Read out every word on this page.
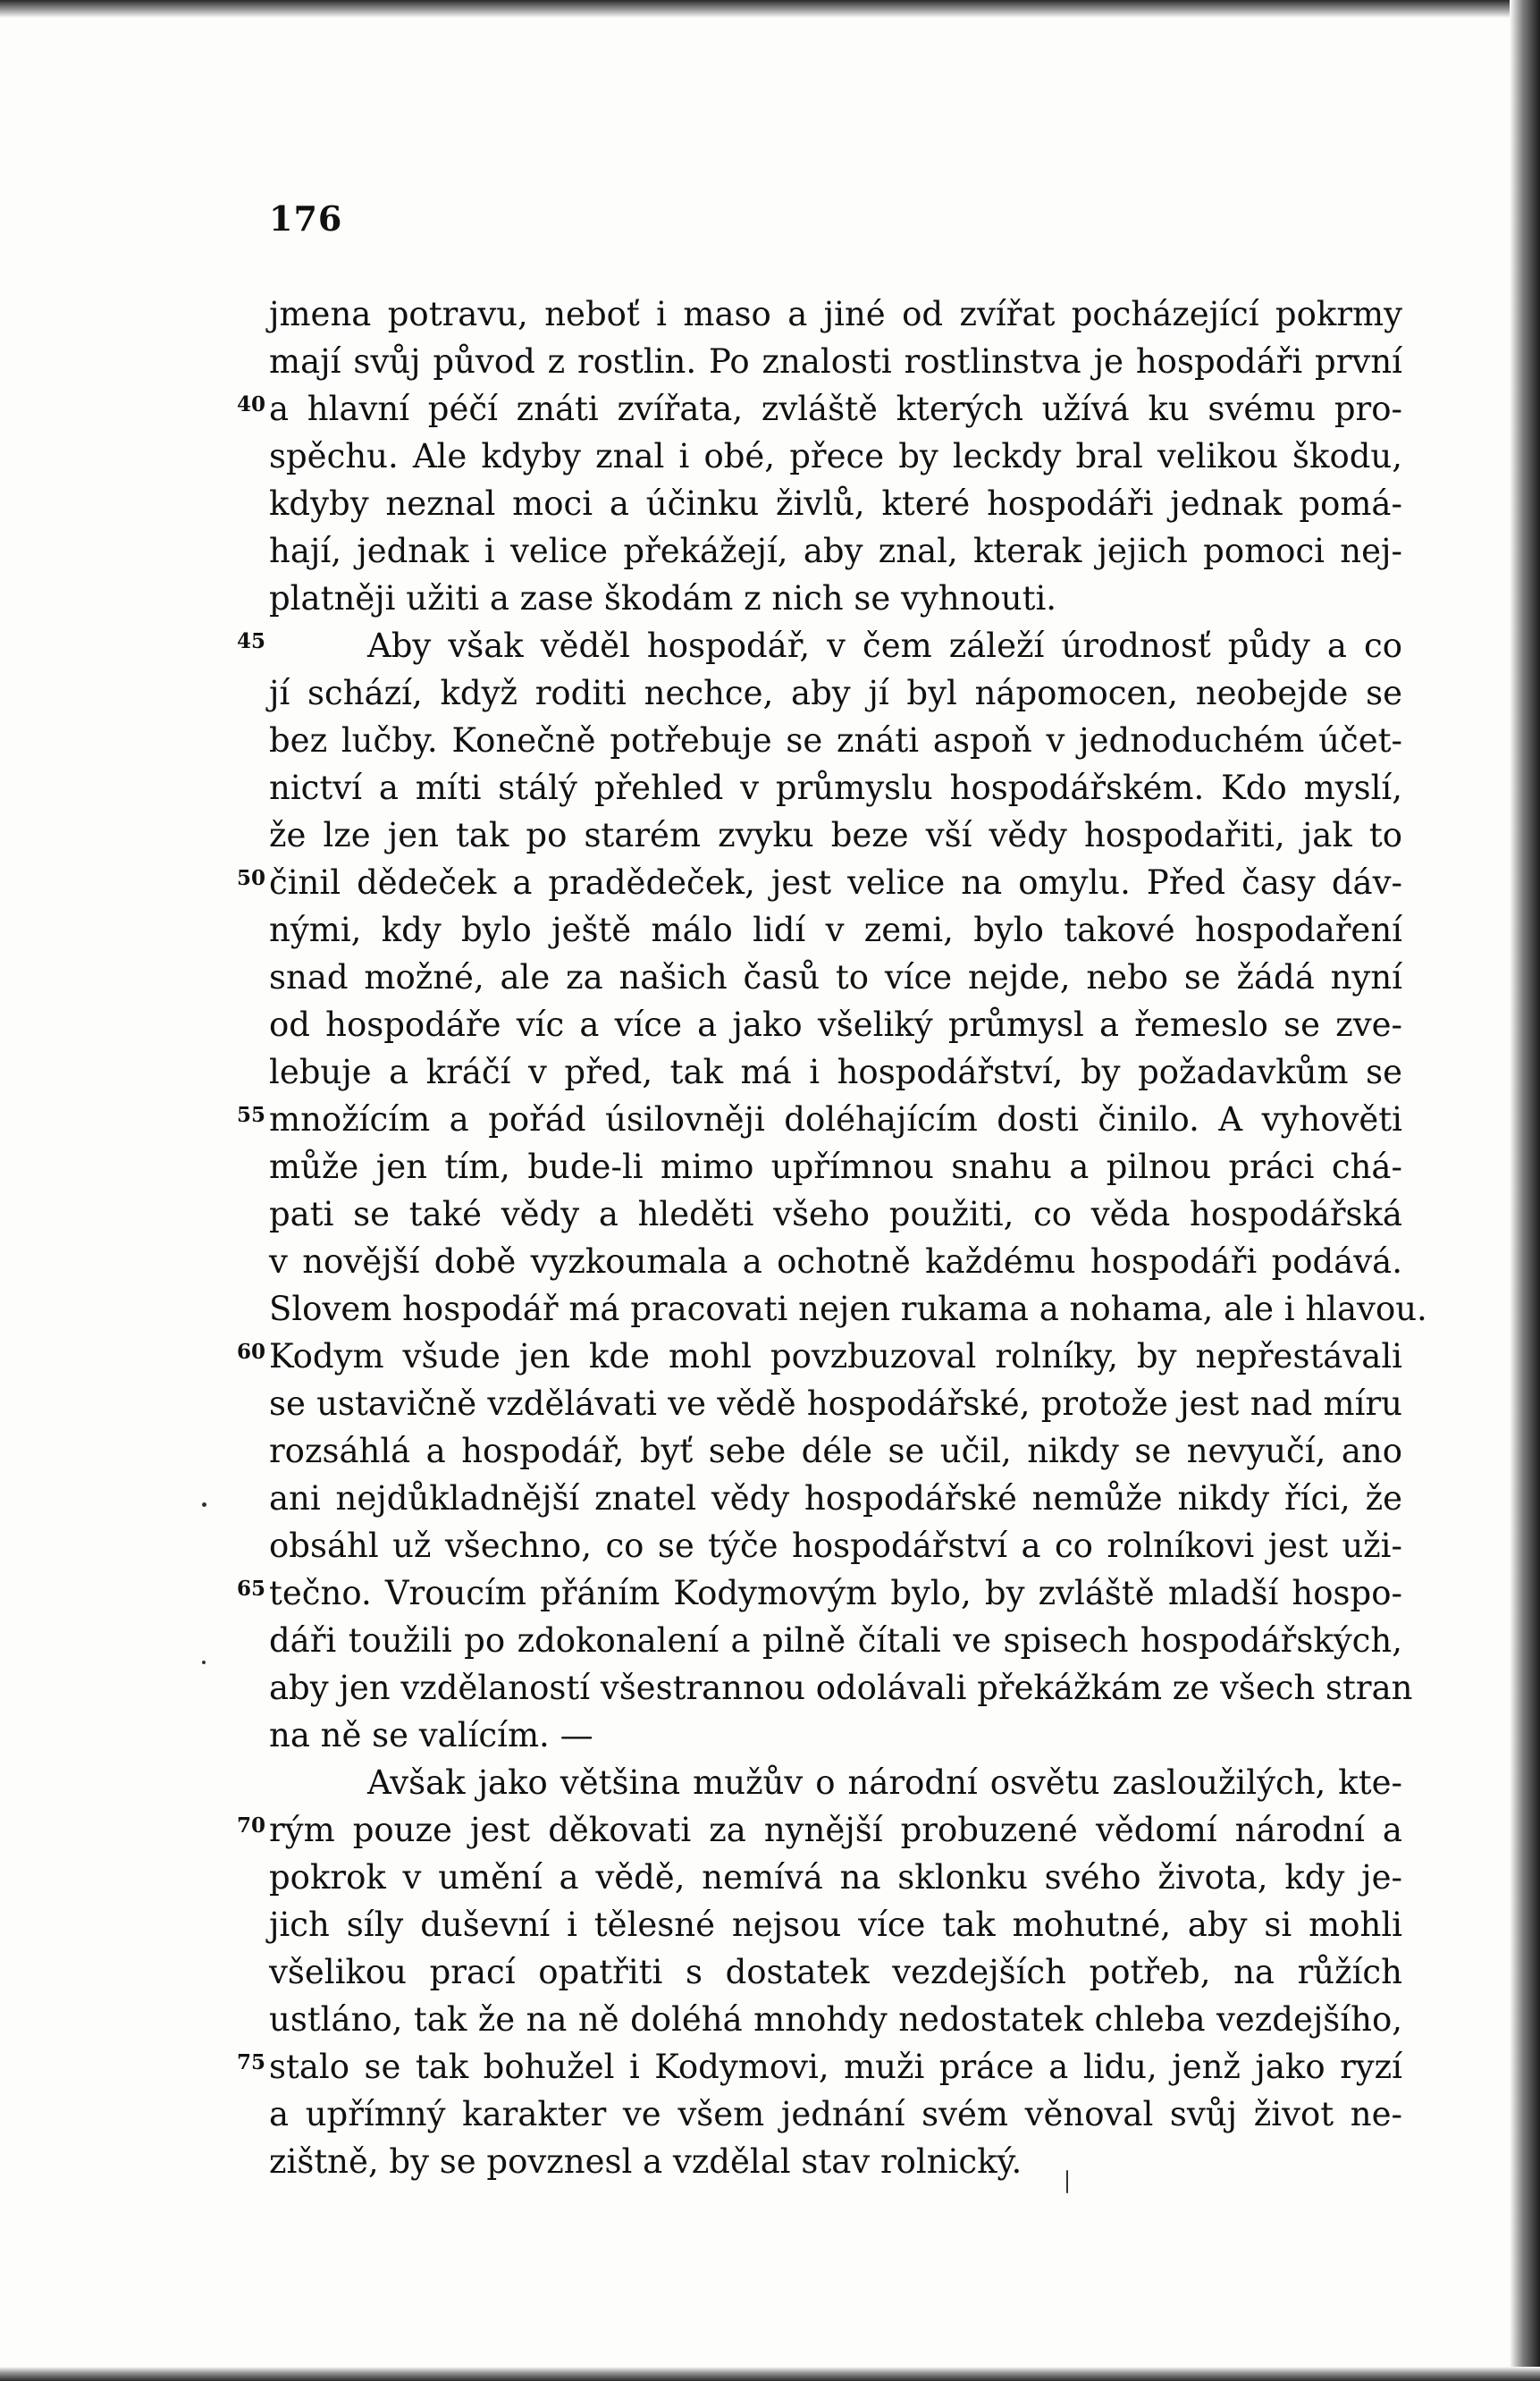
176
jmena potravu, neboť i maso a jiné od zvířat pocházející pokrmy
mají svůj původ z rostlin. Po znalosti rostlinstva je hospodáři první
a hlavní péčí znáti zvířata, zvláště kterých užívá ku svému pro-
40
spěchu. Ale kdyby znal i obé, přece by leckdy bral velikou škodu,
kdyby neznal moci a účinku živlů, které hospodáři jednak pomá-
hají, jednak i velice překážejí, aby znal, kterak jejich pomoci nej-
platněji užiti a zase škodám z nich se vyhnouti.
Aby však věděl hospodář, v čem záleží úrodnosť půdy a co
45
jí schází, když roditi nechce, aby jí byl nápomocen, neobejde se
bez lučby. Konečně potřebuje se znáti aspoň v jednoduchém účet-
nictví a míti stálý přehled v průmyslu hospodářském. Kdo myslí,
že lze jen tak po starém zvyku beze vší vědy hospodařiti, jak to
činil dědeček a pradědeček, jest velice na omylu. Před časy dáv-
50
nými, kdy bylo ještě málo lidí v zemi, bylo takové hospodaření
snad možné, ale za našich časů to více nejde, nebo se žádá nyní
od hospodáře víc a více a jako všeliký průmysl a řemeslo se zve-
lebuje a kráčí v před, tak má i hospodářství, by požadavkům se
množícím a pořád úsilovněji doléhajícím dosti činilo. A vyhověti
55
může jen tím, bude-li mimo upřímnou snahu a pilnou práci chá-
pati se také vědy a hleděti všeho použiti, co věda hospodářská
v novější době vyzkoumala a ochotně každému hospodáři podává.
Slovem hospodář má pracovati nejen rukama a nohama, ale i hlavou.
Kodym všude jen kde mohl povzbuzoval rolníky, by nepřestávali
60
se ustavičně vzdělávati ve vědě hospodářské, protože jest nad míru
rozsáhlá a hospodář, byť sebe déle se učil, nikdy se nevyučí, ano
ani nejdůkladnější znatel vědy hospodářské nemůže nikdy říci, že
obsáhl už všechno, co se týče hospodářství a co rolníkovi jest uži-
tečno. Vroucím přáním Kodymovým bylo, by zvláště mladší hospo-
65
dáři toužili po zdokonalení a pilně čítali ve spisech hospodářských,
aby jen vzdělaností všestrannou odolávali překážkám ze všech stran
na ně se valícím. —
Avšak jako většina mužův o národní osvětu zasloužilých, kte-
rým pouze jest děkovati za nynější probuzené vědomí národní a
70
pokrok v umění a vědě, nemívá na sklonku svého života, kdy je-
jich síly duševní i tělesné nejsou více tak mohutné, aby si mohli
všelikou prací opatřiti s dostatek vezdejších potřeb, na růžích
ustláno, tak že na ně doléhá mnohdy nedostatek chleba vezdejšího,
stalo se tak bohužel i Kodymovi, muži práce a lidu, jenž jako ryzí
75
a upřímný karakter ve všem jednání svém věnoval svůj život ne-
zištně, by se povznesl a vzdělal stav rolnický.
